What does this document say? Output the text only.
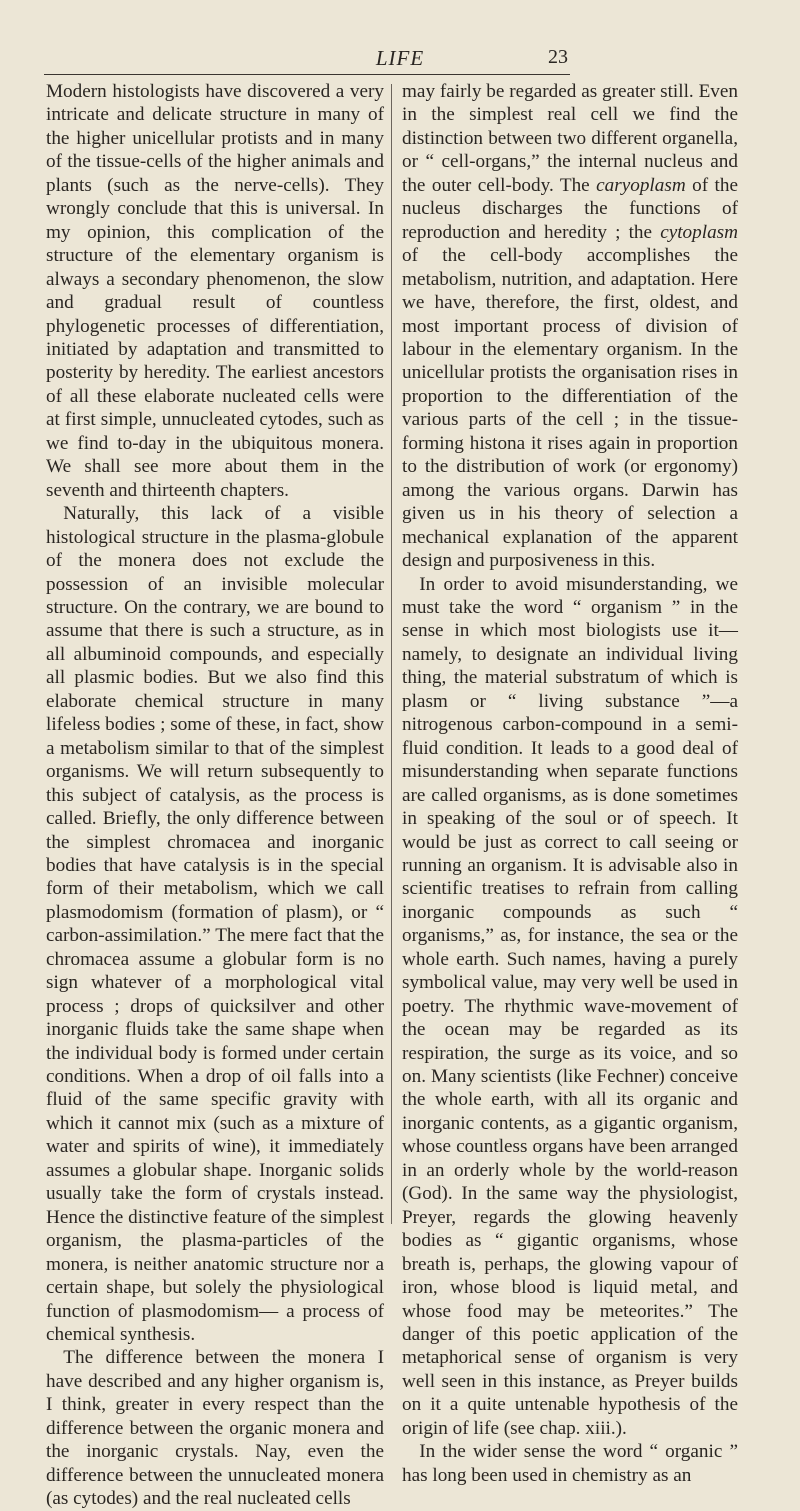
LIFE	23

Modern histologists have discovered a very intricate and delicate structure in many of the higher unicellular protists and in many of the tissue-cells of the higher animals and plants (such as the nerve-cells). They wrongly conclude that this is universal. In my opinion, this complication of the structure of the elementary organism is always a secondary phenomenon, the slow and gradual result of countless phylogenetic processes of differentiation, initiated by adaptation and transmitted to posterity by heredity. The earliest ancestors of all these elaborate nucleated cells were at first simple, unnucleated cytodes, such as we find to-day in the ubiquitous monera. We shall see more about them in the seventh and thirteenth chapters.

Naturally, this lack of a visible histological structure in the plasma-globule of the monera does not exclude the possession of an invisible molecular structure. On the contrary, we are bound to assume that there is such a structure, as in all albuminoid compounds, and especially all plasmic bodies. But we also find this elaborate chemical structure in many lifeless bodies ; some of these, in fact, show a metabolism similar to that of the simplest organisms. We will return subsequently to this subject of catalysis, as the process is called. Briefly, the only difference between the simplest chromacea and inorganic bodies that have catalysis is in the special form of their metabolism, which we call plasmodomism (formation of plasm), or “ carbon-assimilation.” The mere fact that the chromacea assume a globular form is no sign whatever of a morphological vital process ; drops of quicksilver and other inorganic fluids take the same shape when the individual body is formed under certain conditions. When a drop of oil falls into a fluid of the same specific gravity with which it cannot mix (such as a mixture of water and spirits of wine), it immediately assumes a globular shape. Inorganic solids usually take the form of crystals instead. Hence the distinctive feature of the simplest organism, the plasma-particles of the monera, is neither anatomic structure nor a certain shape, but solely the physiological function of plasmodomism— a process of chemical synthesis.

The difference between the monera I have described and any higher organism is, I think, greater in every respect than the difference between the organic monera and the inorganic crystals. Nay, even the difference between the unnucleated monera (as cytodes) and the real nucleated cells

may fairly be regarded as greater still. Even in the simplest real cell we find the distinction between two different organella, or “ cell-organs,” the internal nucleus and the outer cell-body. The caryoplasm of the nucleus discharges the functions of reproduction and heredity ; the cytoplasm of the cell-body accomplishes the metabolism, nutrition, and adaptation. Here we have, therefore, the first, oldest, and most important process of division of labour in the elementary organism. In the unicellular protists the organisation rises in proportion to the differentiation of the various parts of the cell ; in the tissue-forming histona it rises again in proportion to the distribution of work (or ergonomy) among the various organs. Darwin has given us in his theory of selection a mechanical explanation of the apparent design and purposiveness in this.

In order to avoid misunderstanding, we must take the word “ organism ” in the sense in which most biologists use it— namely, to designate an individual living thing, the material substratum of which is plasm or “ living substance ”—a nitrogenous carbon-compound in a semi-fluid condition. It leads to a good deal of misunderstanding when separate functions are called organisms, as is done sometimes in speaking of the soul or of speech. It would be just as correct to call seeing or running an organism. It is advisable also in scientific treatises to refrain from calling inorganic compounds as such “ organisms,” as, for instance, the sea or the whole earth. Such names, having a purely symbolical value, may very well be used in poetry. The rhythmic wave-movement of the ocean may be regarded as its respiration, the surge as its voice, and so on. Many scientists (like Fechner) conceive the whole earth, with all its organic and inorganic contents, as a gigantic organism, whose countless organs have been arranged in an orderly whole by the world-reason (God). In the same way the physiologist, Preyer, regards the glowing heavenly bodies as “ gigantic organisms, whose breath is, perhaps, the glowing vapour of iron, whose blood is liquid metal, and whose food may be meteorites.” The danger of this poetic application of the metaphorical sense of organism is very well seen in this instance, as Preyer builds on it a quite untenable hypothesis of the origin of life (see chap. xiii.).

In the wider sense the word “ organic ” has long been used in chemistry as an
